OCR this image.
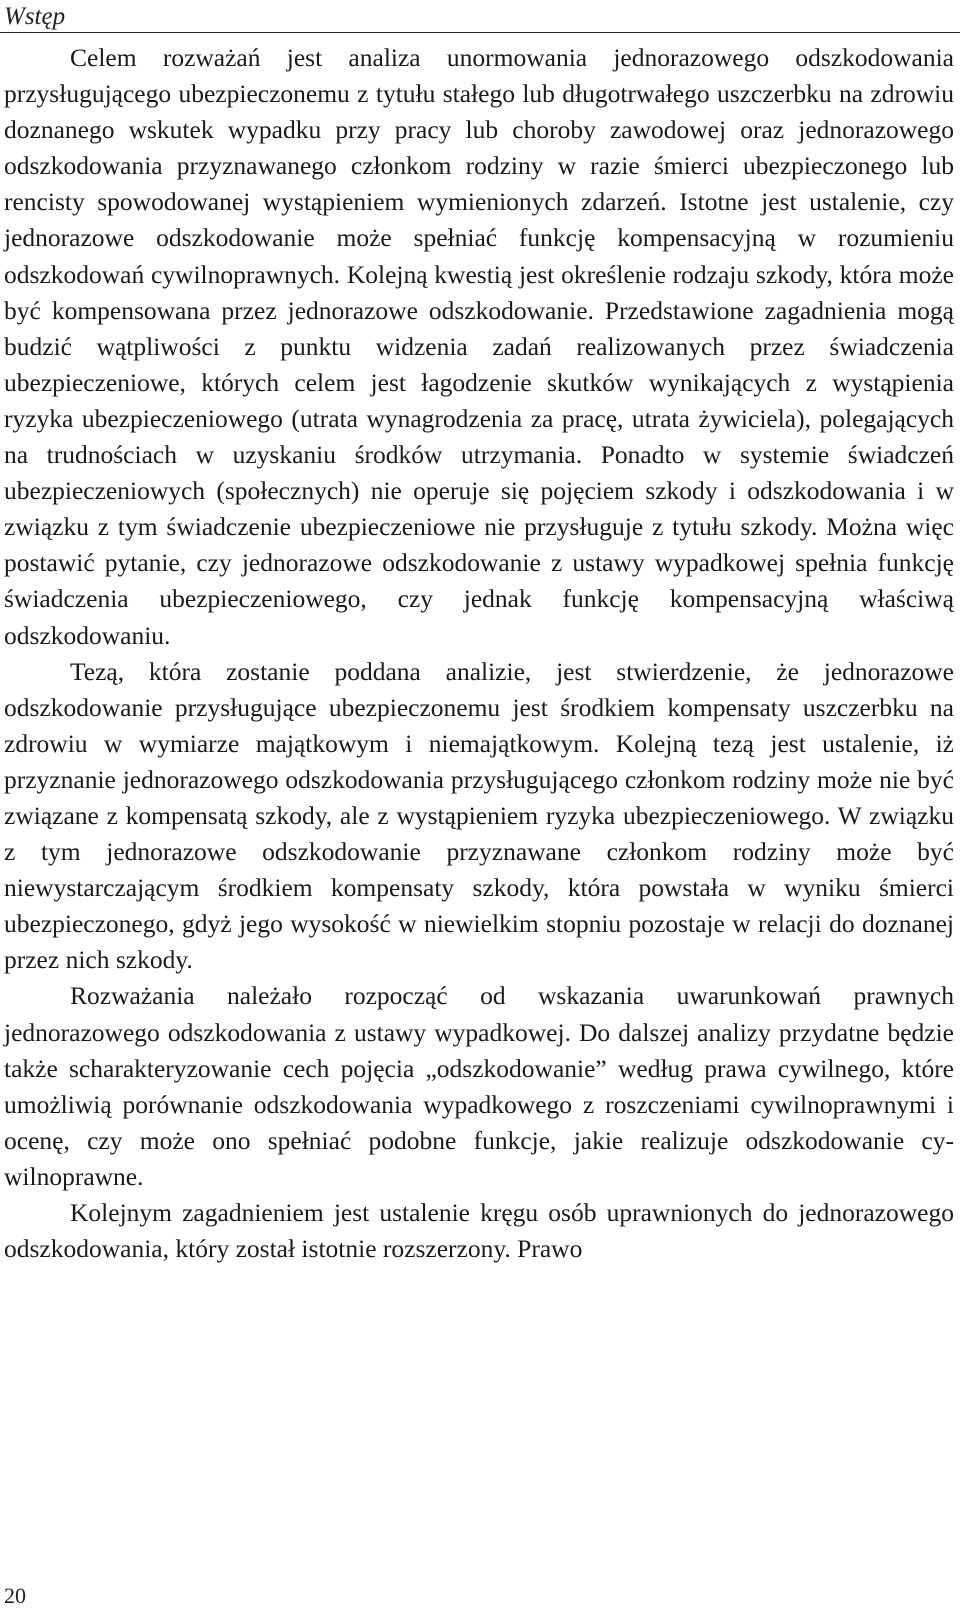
Wstęp

Celem rozważań jest analiza unormowania jednorazowego odszkodowania przysługującego ubezpieczonemu z tytułu stałego lub długotrwałego uszczerbku na zdrowiu doznanego wskutek wypadku przy pracy lub choroby zawodowej oraz jednorazowego odszkodowania przyznawanego członkom rodziny w razie śmierci ubezpieczonego lub rencisty spowodowanej wystąpieniem wymienionych zdarzeń. Istotne jest ustalenie, czy jednorazowe odszkodowanie może spełniać funkcję kompensacyjną w rozumieniu odszkodowań cywilnoprawnych. Kolejną kwestią jest określenie rodzaju szkody, która może być kompensowana przez jednorazowe odszkodowanie. Przedstawione zagadnienia mogą budzić wątpliwości z punktu widzenia zadań realizowanych przez świadczenia ubezpieczeniowe, których celem jest łagodzenie skutków wynikających z wystąpienia ryzyka ubezpieczeniowego (utrata wynagrodzenia za pracę, utrata żywiciela), polegających na trudnościach w uzyskaniu środków utrzymania. Ponadto w systemie świadczeń ubezpieczeniowych (społecznych) nie operuje się pojęciem szkody i odszkodowania i w związku z tym świadczenie ubezpieczeniowe nie przysługuje z tytułu szkody. Można więc postawić pytanie, czy jednorazowe odszkodowanie z ustawy wypadkowej spełnia funkcję świadczenia ubezpieczeniowego, czy jednak funkcję kompensacyjną właściwą odszkodowaniu.

Tezą, która zostanie poddana analizie, jest stwierdzenie, że jednorazowe odszkodowanie przysługujące ubezpieczonemu jest środkiem kompensaty uszczerbku na zdrowiu w wymiarze majątkowym i niemajątkowym. Kolejną tezą jest ustalenie, iż przyznanie jednorazowego odszkodowania przysługującego członkom rodziny może nie być związane z kompensatą szkody, ale z wystąpieniem ryzyka ubezpieczeniowego. W związku z tym jednorazowe odszkodowanie przyznawane członkom rodziny może być niewystarczającym środkiem kompensaty szkody, która powstała w wyniku śmierci ubezpieczonego, gdyż jego wysokość w niewielkim stopniu pozostaje w relacji do doznanej przez nich szkody.

Rozważania należało rozpocząć od wskazania uwarunkowań prawnych jednorazowego odszkodowania z ustawy wypadkowej. Do dalszej analizy przydatne będzie także scharakteryzowanie cech pojęcia „odszkodowanie” według prawa cywilnego, które umożliwią porównanie odszkodowania wypadkowego z roszczeniami cywilnoprawnymi i ocenę, czy może ono spełniać podobne funkcje, jakie realizuje odszkodowanie cywilnoprawne.

Kolejnym zagadnieniem jest ustalenie kręgu osób uprawnionych do jednorazowego odszkodowania, który został istotnie rozszerzony. Prawo

20
